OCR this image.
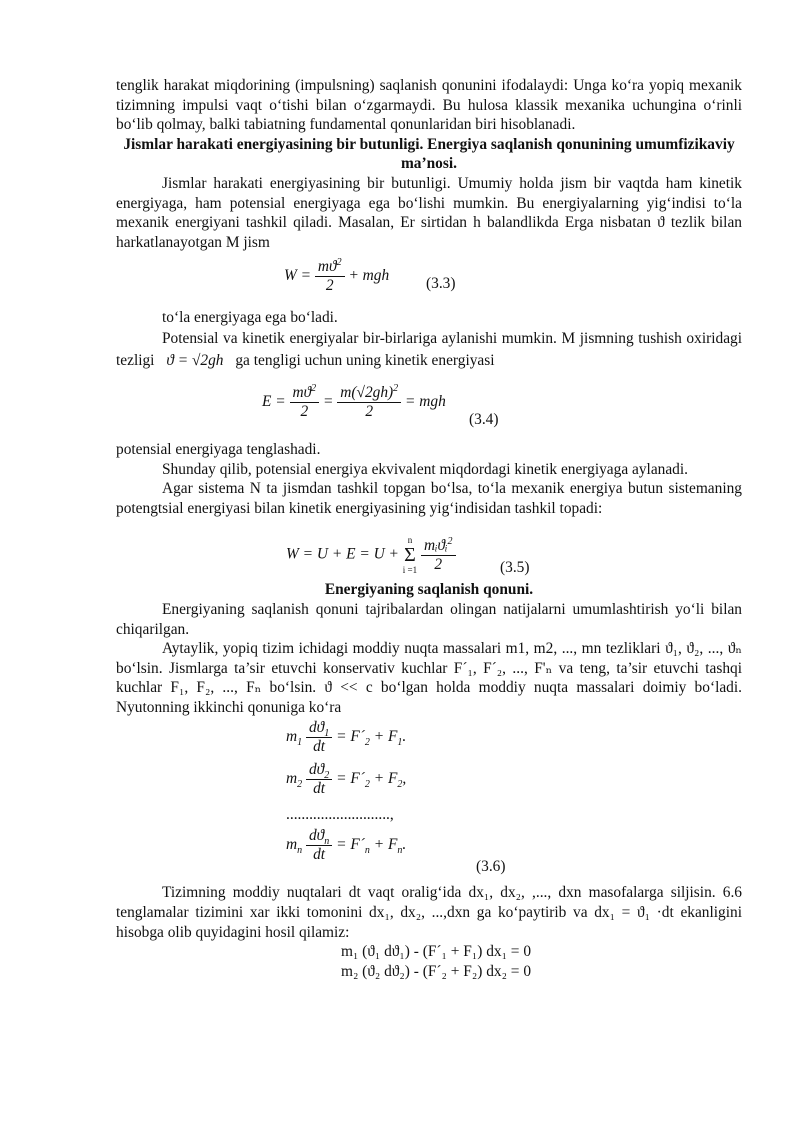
tenglik harakat miqdorining (impulsning) saqlanish qonunini ifodalaydi: Unga ko‘ra yopiq mexanik tizimning impulsi vaqt o‘tishi bilan o‘zgarmaydi. Bu hulosa klassik mexanika uchungina o‘rinli bo‘lib qolmay, balki tabiatning fundamental qonunlaridan biri hisoblanadi.

Jismlar harakati energiyasining bir butunligi. Energiya saqlanish qonunining umumfizikaviy ma’nosi.

Jismlar harakati energiyasining bir butunligi. Umumiy holda jism bir vaqtda ham kinetik energiyaga, ham potensial energiyaga ega bo‘lishi mumkin. Bu energiyalarning yig‘indisi to‘la mexanik energiyani tashkil qiladi. Masalan, Er sirtidan h balandlikda Erga nisbatan ϑ tezlik bilan harkatlanayotgan M jism

$W = \frac{mϑ^2}{2}$ + mgh (3.3)

to‘la energiyaga ega bo‘ladi.

Potensial va kinetik energiyalar bir-birlariga aylanishi mumkin. M jismning tushish oxiridagi tezligi ϑ = √2gh ga tengligi uchun uning kinetik energiyasi

$E = \frac{mϑ^2}{2} = \frac{m(√2gh)^2}{2}$ = mgh
(3.4)

potensial energiyaga tenglashadi.

Shunday qilib, potensial energiya ekvivalent miqdordagi kinetik energiyaga aylanadi.

Agar sistema N ta jismdan tashkil topgan bo‘lsa, to‘la mexanik energiya butun sistemaning potengtsial energiyasi bilan kinetik energiyasining yig‘indisidan tashkil topadi:

W = U + E = U +
n
Σ
i =1
$\frac{mᵢϑᵢ^2}{2}$	(3.5)

Energiyaning saqlanish qonuni.

Energiyaning saqlanish qonuni tajribalardan olingan natijalarni umumlashtirish yo‘li bilan chiqarilgan.

Aytaylik, yopiq tizim ichidagi moddiy nuqta massalari m1, m2, ..., mn tezliklari ϑ₁, ϑ₂, ..., ϑₙ bo‘lsin. Jismlarga ta’sir etuvchi konservativ kuchlar F´₁, F´₂, ..., F'ₙ va teng, ta’sir etuvchi tashqi kuchlar F₁, F₂, ..., Fₙ bo‘lsin. ϑ << c bo‘lgan holda moddiy nuqta massalari doimiy bo‘ladi. Nyutonning ikkinchi qonuniga ko‘ra

$m_1 \frac{dϑ_1}{dt}$ = $F´_2 + F_1$.
$m_2 \frac{dϑ_2}{dt}$ = $F´_2 + F_2$,
...........................,
$m_n \frac{dϑ_n}{dt}$ = $F´_n + F_n$.
(3.6)

Tizimning moddiy nuqtalari dt vaqt oralig‘ida dx₁, dx₂, ,..., dxn masofalarga siljisin. 6.6 tenglamalar tizimini xar ikki tomonini dx₁, dx₂, ...,dxn ga ko‘paytirib va dx₁ = ϑ₁ ·dt ekanligini hisobga olib quyidagini hosil qilamiz:

m₁ (ϑ₁ dϑ₁) - (F´₁ + F₁) dx₁ = 0

m₂ (ϑ₂ dϑ₂) - (F´₂ + F₂) dx₂ = 0
